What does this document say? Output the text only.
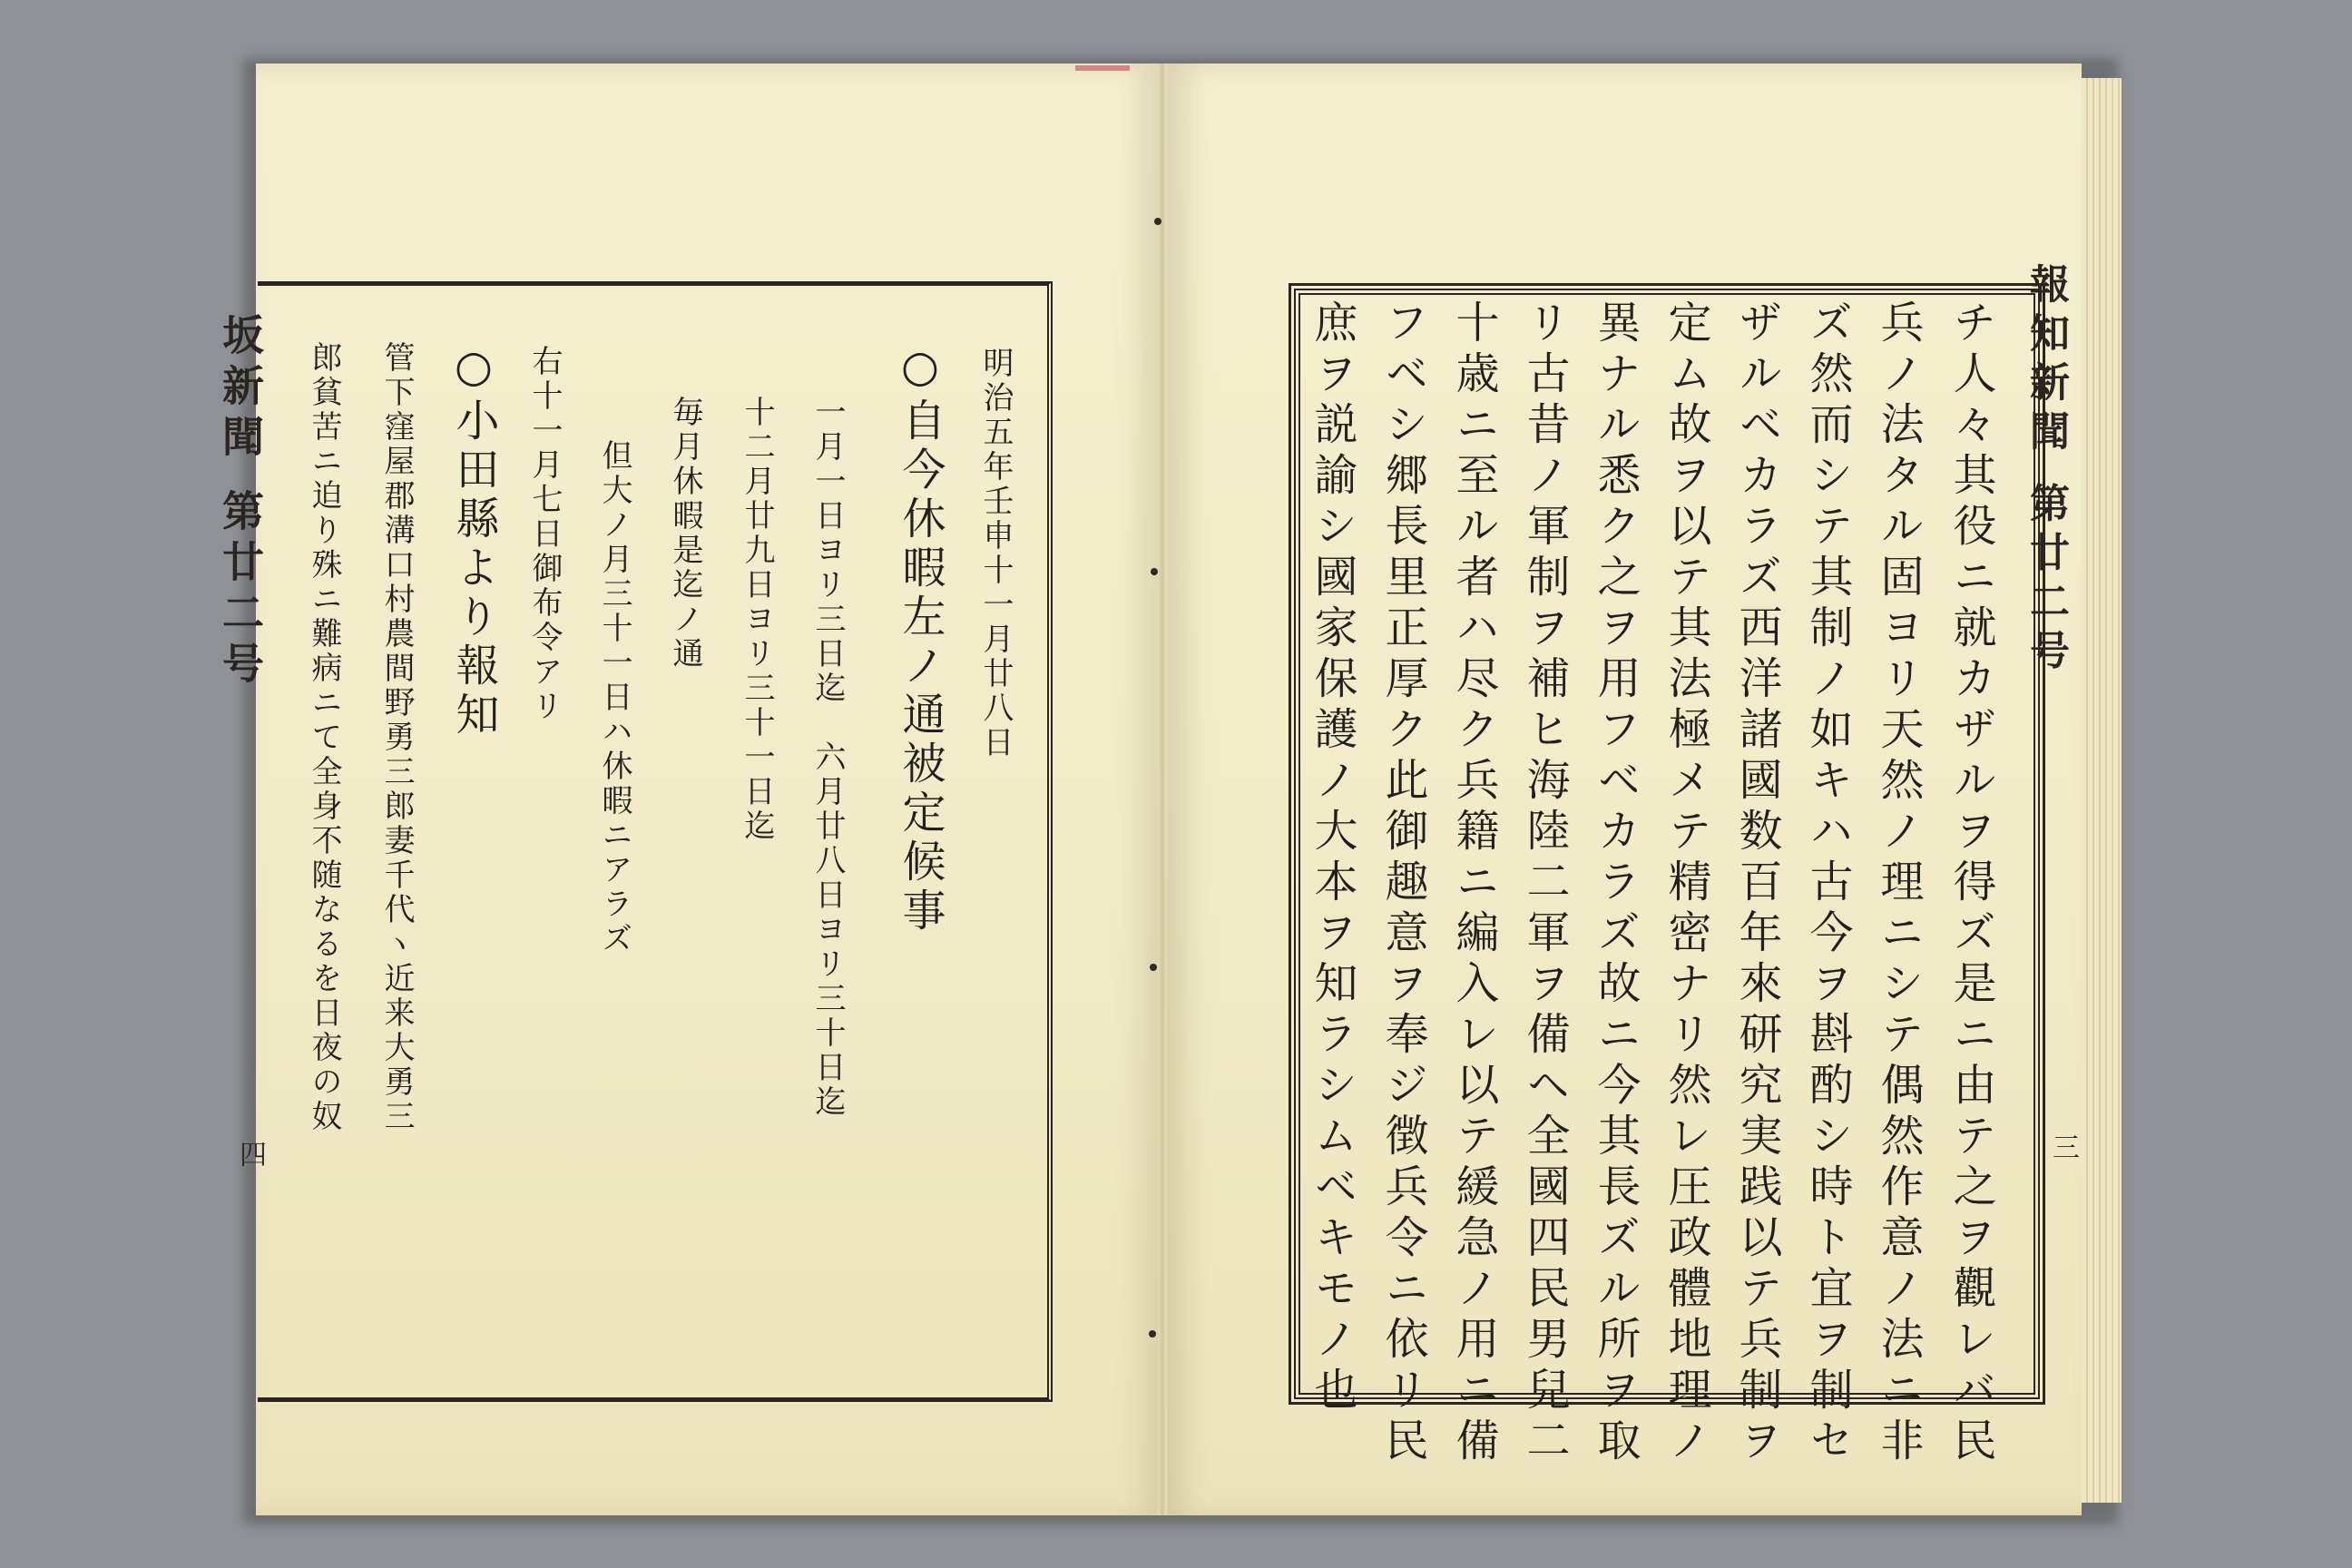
坂新聞 第廿二号
四
明治五年壬申十一月廿八日
○自今休暇左ノ通被定候事
一月一日ヨリ三日迄　六月廿八日ヨリ三十日迄
十二月廿九日ヨリ三十一日迄
毎月休暇是迄ノ通
但大ノ月三十一日ハ休暇ニアラズ
右十一月七日御布令アリ
○小田縣より報知
管下窪屋郡溝口村農間野勇三郎妻千代ヽ近来大勇三
郎貧苦ニ迫り殊ニ難病ニて全身不随なるを日夜の奴	報知新聞 第廿二号
三
チ人々其役ニ就カザルヲ得ズ是ニ由テ之ヲ觀レバ民
兵ノ法タル固ヨリ天然ノ理ニシテ偶然作意ノ法ニ非
ズ然而シテ其制ノ如キハ古今ヲ斟酌シ時ト宜ヲ制セ
ザルベカラズ西洋諸國数百年來研究実践以テ兵制ヲ
定ム故ヲ以テ其法極メテ精密ナリ然レ圧政體地理ノ
異ナル悉ク之ヲ用フベカラズ故ニ今其長ズル所ヲ取
リ古昔ノ軍制ヲ補ヒ海陸二軍ヲ備ヘ全國四民男兒二
十歳ニ至ル者ハ尽ク兵籍ニ編入レ以テ緩急ノ用ニ備
フベシ郷長里正厚ク此御趣意ヲ奉ジ徴兵令ニ依リ民
庶ヲ説諭シ國家保護ノ大本ヲ知ラシムベキモノ也
